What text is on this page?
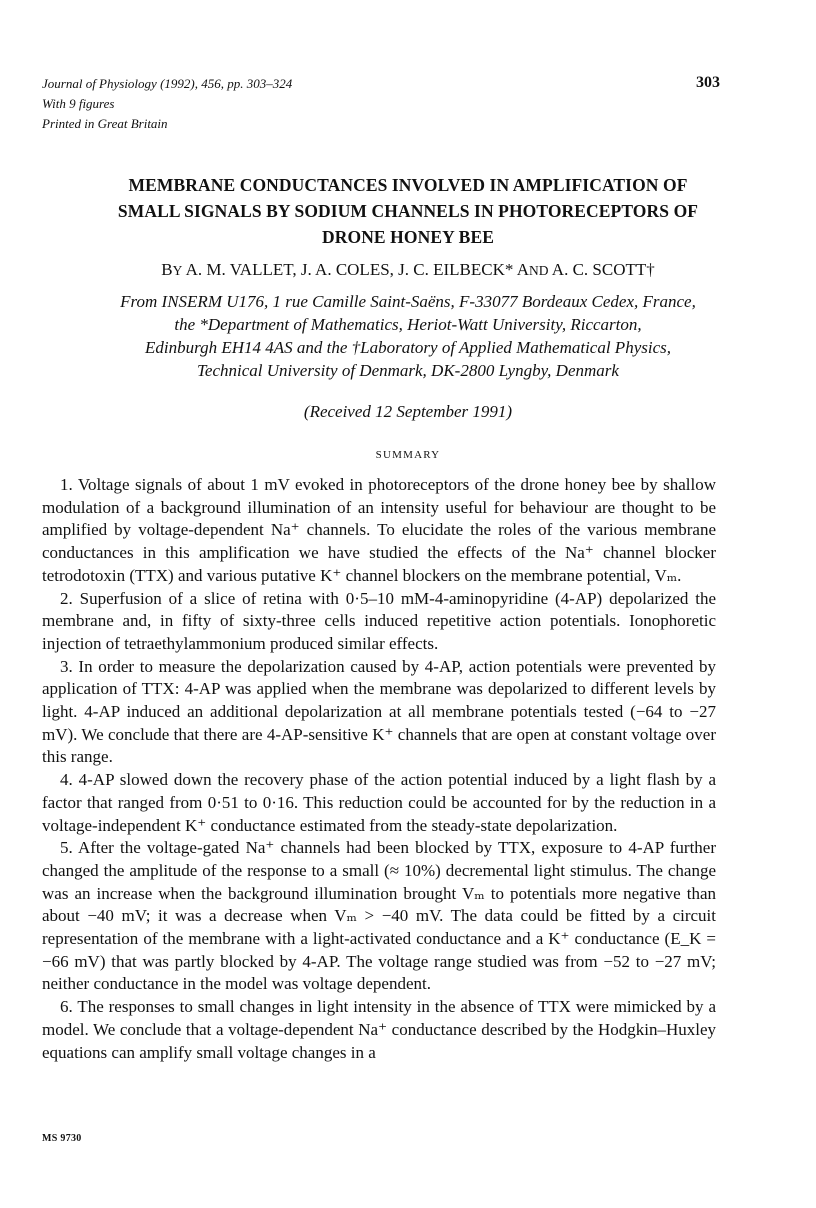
Journal of Physiology (1992), 456, pp. 303–324
With 9 figures
Printed in Great Britain
303
MEMBRANE CONDUCTANCES INVOLVED IN AMPLIFICATION OF
SMALL SIGNALS BY SODIUM CHANNELS IN PHOTORECEPTORS OF
DRONE HONEY BEE
BY A. M. VALLET, J. A. COLES, J. C. EILBECK* AND A. C. SCOTT†
From INSERM U176, 1 rue Camille Saint-Saëns, F-33077 Bordeaux Cedex, France,
the *Department of Mathematics, Heriot-Watt University, Riccarton,
Edinburgh EH14 4AS and the †Laboratory of Applied Mathematical Physics,
Technical University of Denmark, DK-2800 Lyngby, Denmark
(Received 12 September 1991)
SUMMARY

1. Voltage signals of about 1 mV evoked in photoreceptors of the drone honey bee by shallow modulation of a background illumination of an intensity useful for behaviour are thought to be amplified by voltage-dependent Na⁺ channels. To elucidate the roles of the various membrane conductances in this amplification we have studied the effects of the Na⁺ channel blocker tetrodotoxin (TTX) and various putative K⁺ channel blockers on the membrane potential, Vₘ.

2. Superfusion of a slice of retina with 0·5–10 mM-4-aminopyridine (4-AP) depolarized the membrane and, in fifty of sixty-three cells induced repetitive action potentials. Ionophoretic injection of tetraethylammonium produced similar effects.

3. In order to measure the depolarization caused by 4-AP, action potentials were prevented by application of TTX: 4-AP was applied when the membrane was depolarized to different levels by light. 4-AP induced an additional depolarization at all membrane potentials tested (−64 to −27 mV). We conclude that there are 4-AP-sensitive K⁺ channels that are open at constant voltage over this range.

4. 4-AP slowed down the recovery phase of the action potential induced by a light flash by a factor that ranged from 0·51 to 0·16. This reduction could be accounted for by the reduction in a voltage-independent K⁺ conductance estimated from the steady-state depolarization.

5. After the voltage-gated Na⁺ channels had been blocked by TTX, exposure to 4-AP further changed the amplitude of the response to a small (≈ 10%) decremental light stimulus. The change was an increase when the background illumination brought Vₘ to potentials more negative than about −40 mV; it was a decrease when Vₘ > −40 mV. The data could be fitted by a circuit representation of the membrane with a light-activated conductance and a K⁺ conductance (E_K = −66 mV) that was partly blocked by 4-AP. The voltage range studied was from −52 to −27 mV; neither conductance in the model was voltage dependent.

6. The responses to small changes in light intensity in the absence of TTX were mimicked by a model. We conclude that a voltage-dependent Na⁺ conductance described by the Hodgkin–Huxley equations can amplify small voltage changes in a

MS 9730
